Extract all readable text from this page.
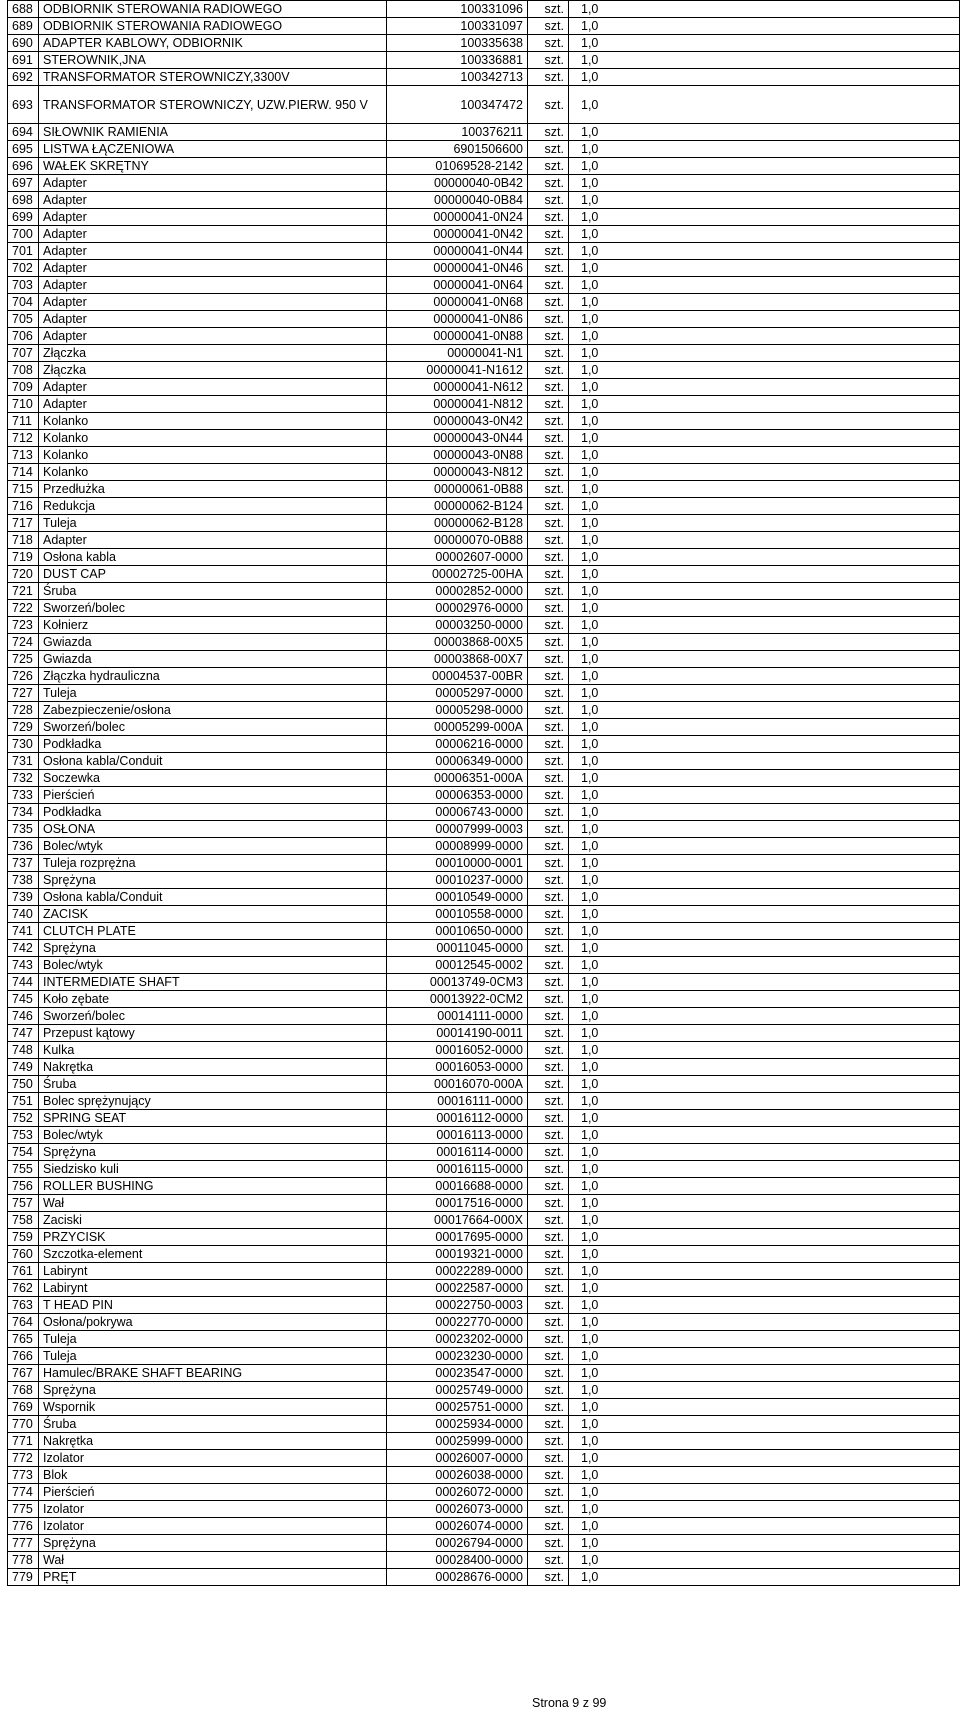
688	ODBIORNIK STEROWANIA RADIOWEGO	100331096	szt.	1,0
689	ODBIORNIK STEROWANIA RADIOWEGO	100331097	szt.	1,0
690	ADAPTER KABLOWY, ODBIORNIK	100335638	szt.	1,0
691	STEROWNIK,JNA	100336881	szt.	1,0
692	TRANSFORMATOR STEROWNICZY,3300V	100342713	szt.	1,0
693	TRANSFORMATOR STEROWNICZY, UZW.PIERW. 950 V	100347472	szt.	1,0
694	SIŁOWNIK RAMIENIA	100376211	szt.	1,0
695	LISTWA ŁĄCZENIOWA	6901506600	szt.	1,0
696	WAŁEK SKRĘTNY	01069528-2142	szt.	1,0
697	Adapter	00000040-0B42	szt.	1,0
698	Adapter	00000040-0B84	szt.	1,0
699	Adapter	00000041-0N24	szt.	1,0
700	Adapter	00000041-0N42	szt.	1,0
701	Adapter	00000041-0N44	szt.	1,0
702	Adapter	00000041-0N46	szt.	1,0
703	Adapter	00000041-0N64	szt.	1,0
704	Adapter	00000041-0N68	szt.	1,0
705	Adapter	00000041-0N86	szt.	1,0
706	Adapter	00000041-0N88	szt.	1,0
707	Złączka	00000041-N1	szt.	1,0
708	Złączka	00000041-N1612	szt.	1,0
709	Adapter	00000041-N612	szt.	1,0
710	Adapter	00000041-N812	szt.	1,0
711	Kolanko	00000043-0N42	szt.	1,0
712	Kolanko	00000043-0N44	szt.	1,0
713	Kolanko	00000043-0N88	szt.	1,0
714	Kolanko	00000043-N812	szt.	1,0
715	Przedłużka	00000061-0B88	szt.	1,0
716	Redukcja	00000062-B124	szt.	1,0
717	Tuleja	00000062-B128	szt.	1,0
718	Adapter	00000070-0B88	szt.	1,0
719	Osłona kabla	00002607-0000	szt.	1,0
720	DUST CAP	00002725-00HA	szt.	1,0
721	Śruba	00002852-0000	szt.	1,0
722	Sworzeń/bolec	00002976-0000	szt.	1,0
723	Kołnierz	00003250-0000	szt.	1,0
724	Gwiazda	00003868-00X5	szt.	1,0
725	Gwiazda	00003868-00X7	szt.	1,0
726	Złączka hydrauliczna	00004537-00BR	szt.	1,0
727	Tuleja	00005297-0000	szt.	1,0
728	Zabezpieczenie/osłona	00005298-0000	szt.	1,0
729	Sworzeń/bolec	00005299-000A	szt.	1,0
730	Podkładka	00006216-0000	szt.	1,0
731	Osłona kabla/Conduit	00006349-0000	szt.	1,0
732	Soczewka	00006351-000A	szt.	1,0
733	Pierścień	00006353-0000	szt.	1,0
734	Podkładka	00006743-0000	szt.	1,0
735	OSŁONA	00007999-0003	szt.	1,0
736	Bolec/wtyk	00008999-0000	szt.	1,0
737	Tuleja rozprężna	00010000-0001	szt.	1,0
738	Sprężyna	00010237-0000	szt.	1,0
739	Osłona kabla/Conduit	00010549-0000	szt.	1,0
740	ZACISK	00010558-0000	szt.	1,0
741	CLUTCH PLATE	00010650-0000	szt.	1,0
742	Sprężyna	00011045-0000	szt.	1,0
743	Bolec/wtyk	00012545-0002	szt.	1,0
744	INTERMEDIATE SHAFT	00013749-0CM3	szt.	1,0
745	Koło zębate	00013922-0CM2	szt.	1,0
746	Sworzeń/bolec	00014111-0000	szt.	1,0
747	Przepust kątowy	00014190-0011	szt.	1,0
748	Kulka	00016052-0000	szt.	1,0
749	Nakrętka	00016053-0000	szt.	1,0
750	Śruba	00016070-000A	szt.	1,0
751	Bolec sprężynujący	00016111-0000	szt.	1,0
752	SPRING SEAT	00016112-0000	szt.	1,0
753	Bolec/wtyk	00016113-0000	szt.	1,0
754	Sprężyna	00016114-0000	szt.	1,0
755	Siedzisko kuli	00016115-0000	szt.	1,0
756	ROLLER BUSHING	00016688-0000	szt.	1,0
757	Wał	00017516-0000	szt.	1,0
758	Zaciski	00017664-000X	szt.	1,0
759	PRZYCISK	00017695-0000	szt.	1,0
760	Szczotka-element	00019321-0000	szt.	1,0
761	Labirynt	00022289-0000	szt.	1,0
762	Labirynt	00022587-0000	szt.	1,0
763	T HEAD PIN	00022750-0003	szt.	1,0
764	Osłona/pokrywa	00022770-0000	szt.	1,0
765	Tuleja	00023202-0000	szt.	1,0
766	Tuleja	00023230-0000	szt.	1,0
767	Hamulec/BRAKE SHAFT BEARING	00023547-0000	szt.	1,0
768	Sprężyna	00025749-0000	szt.	1,0
769	Wspornik	00025751-0000	szt.	1,0
770	Śruba	00025934-0000	szt.	1,0
771	Nakrętka	00025999-0000	szt.	1,0
772	Izolator	00026007-0000	szt.	1,0
773	Blok	00026038-0000	szt.	1,0
774	Pierścień	00026072-0000	szt.	1,0
775	Izolator	00026073-0000	szt.	1,0
776	Izolator	00026074-0000	szt.	1,0
777	Sprężyna	00026794-0000	szt.	1,0
778	Wał	00028400-0000	szt.	1,0
779	PRĘT	00028676-0000	szt.	1,0
Strona 9 z 99
